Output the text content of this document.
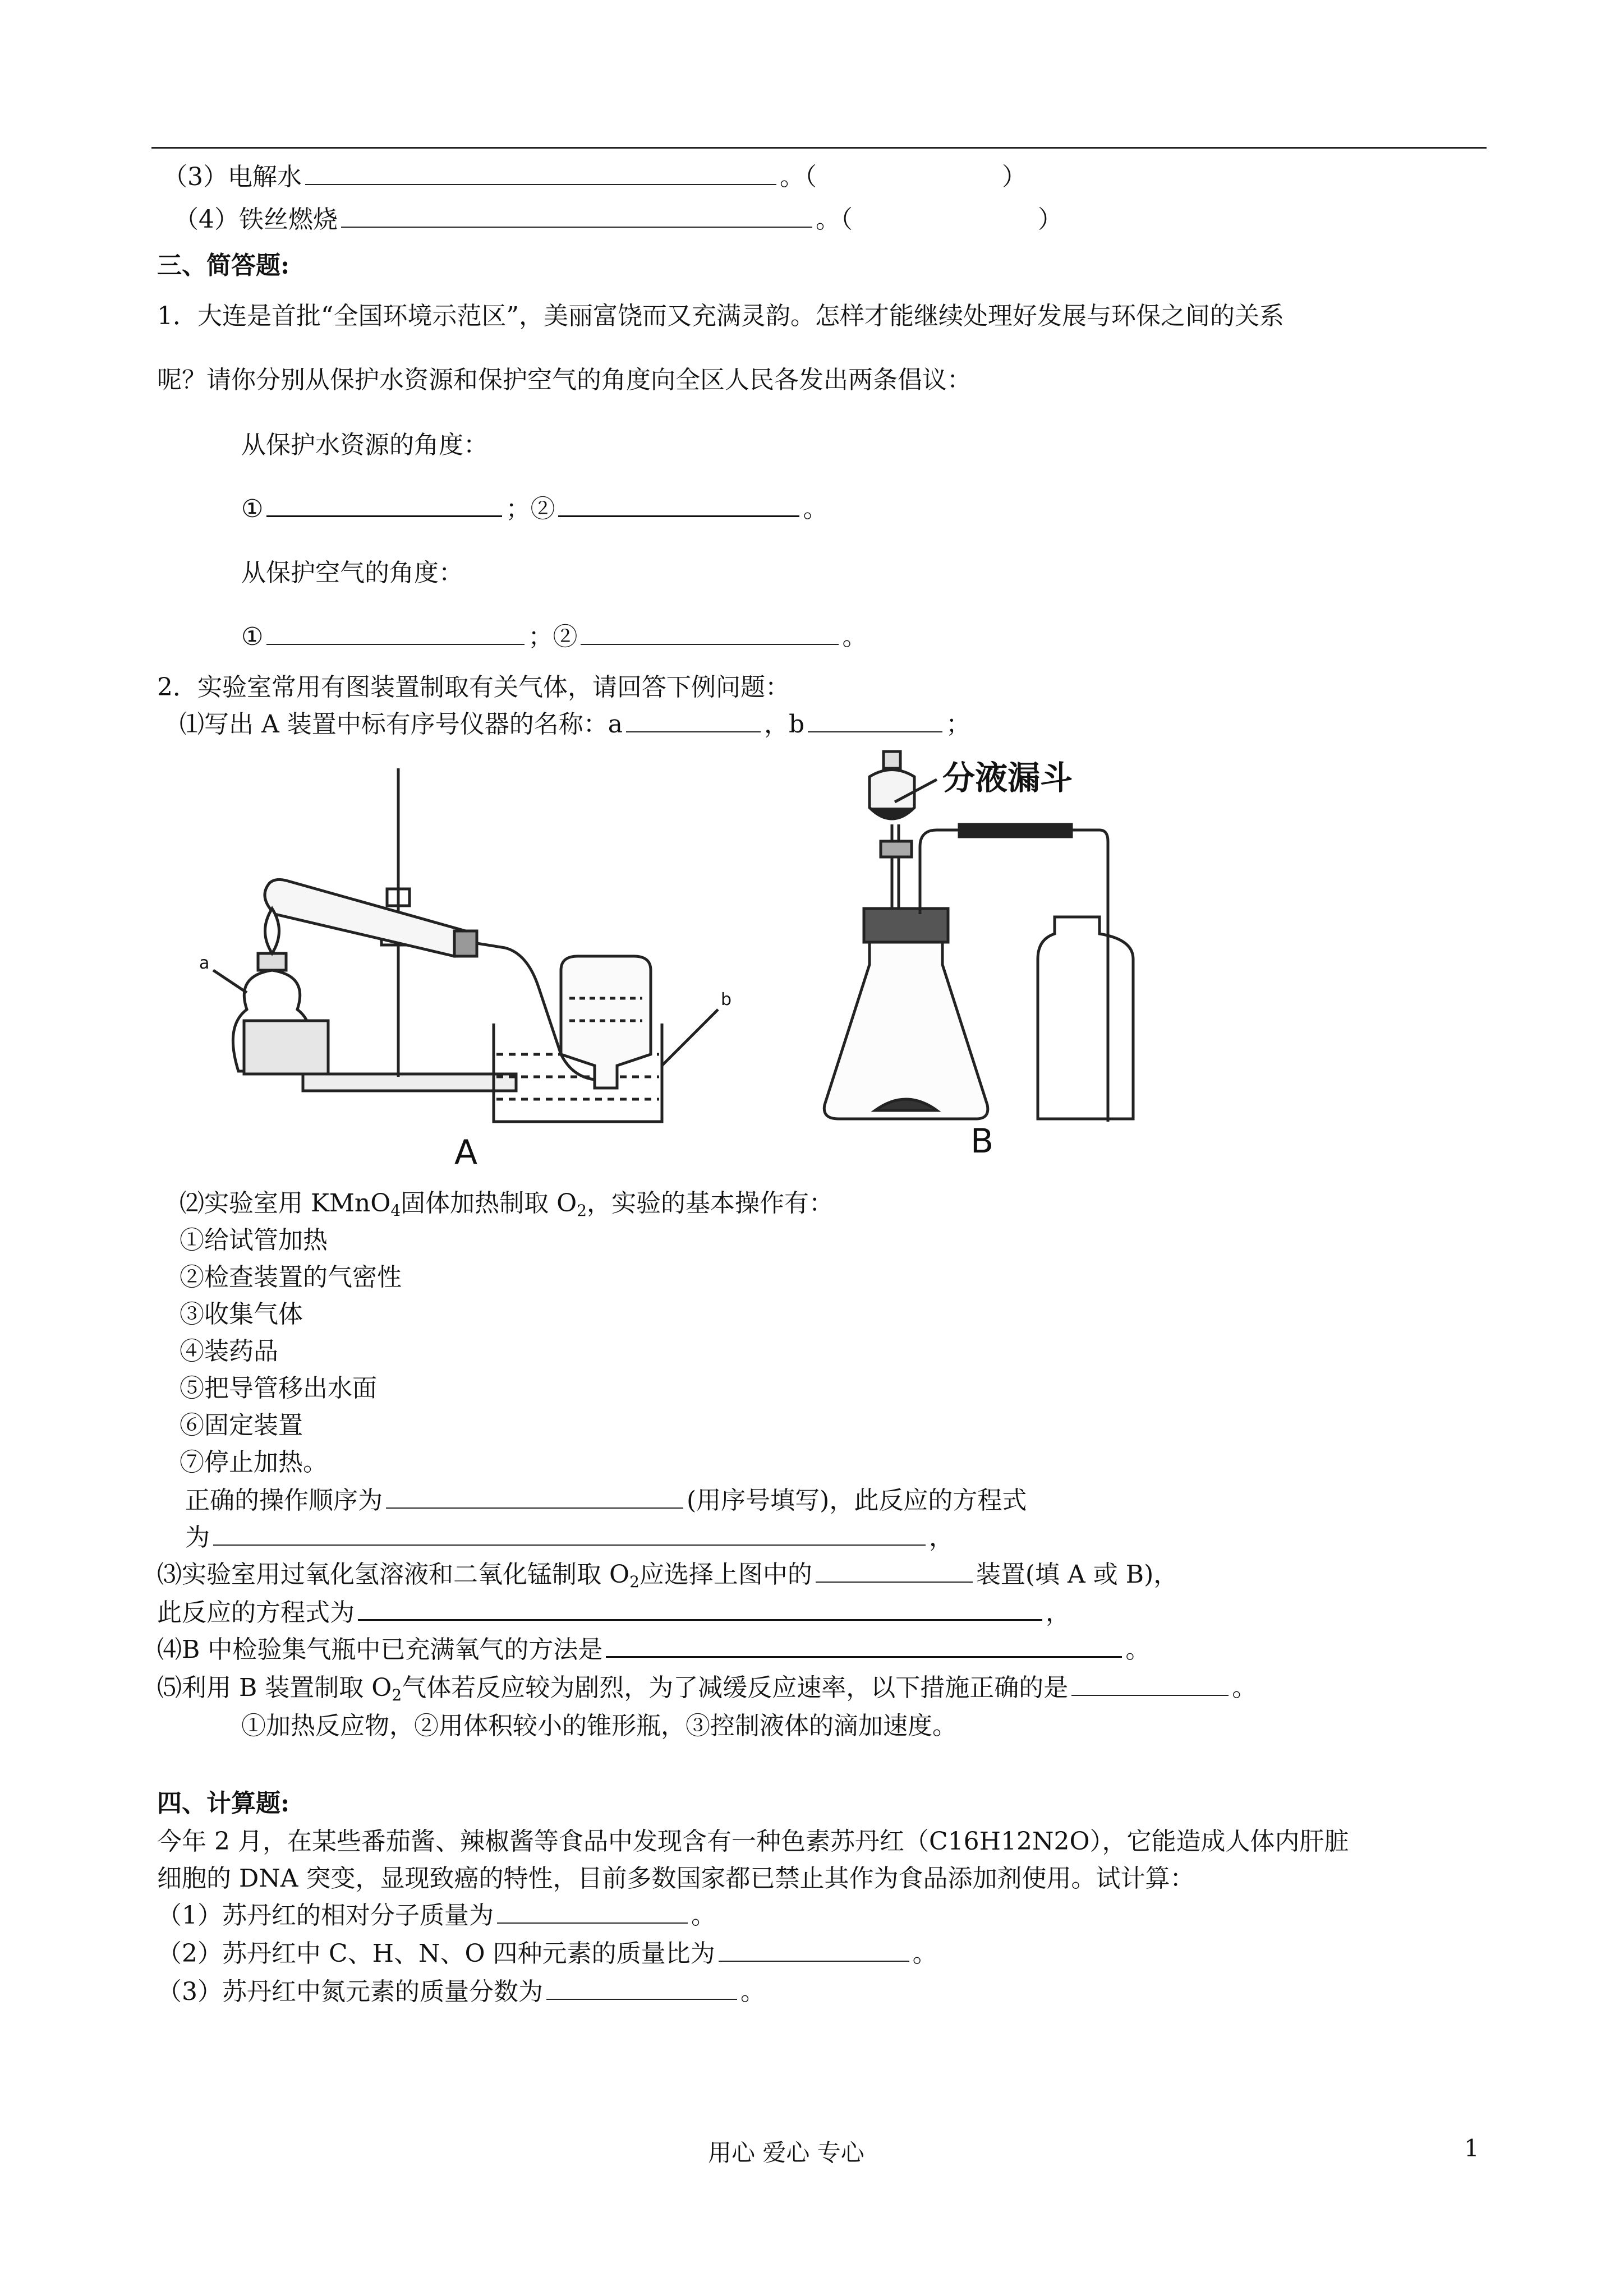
（3）电解水	。（	）
（4）铁丝燃烧	。（	）
三、简答题:
1．大连是首批“全国环境示范区”，美丽富饶而又充满灵韵。怎样才能继续处理好发展与环保之间的关系
呢？请你分别从保护水资源和保护空气的角度向全区人民各发出两条倡议：
从保护水资源的角度：
①	；②	。
从保护空气的角度：
①	；②	。
2．实验室常用有图装置制取有关气体，请回答下例问题：
⑴写出 A 装置中标有序号仪器的名称：a	，b	；
a
b
A
分液漏斗
B
⑵实验室用 KMnO$_4$固体加热制取 $O_2$，实验的基本操作有：
①给试管加热
②检查装置的气密性
③收集气体
④装药品
⑤把导管移出水面
⑥固定装置
⑦停止加热。
正确的操作顺序为	(用序号填写)，此反应的方程式
为	，
⑶实验室用过氧化氢溶液和二氧化锰制取 $O_2$应选择上图中的	装置(填 A 或 B)，
此反应的方程式为	，
⑷B 中检验集气瓶中已充满氧气的方法是	。
⑸利用 B 装置制取 $O_2$气体若反应较为剧烈，为了减缓反应速率，以下措施正确的是	。
①加热反应物，②用体积较小的锥形瓶，③控制液体的滴加速度。
四、计算题:
今年 2 月，在某些番茄酱、辣椒酱等食品中发现含有一种色素苏丹红（C16H12N2O），它能造成人体内肝脏
细胞的 DNA 突变，显现致癌的特性，目前多数国家都已禁止其作为食品添加剂使用。试计算：
（1）苏丹红的相对分子质量为	。
（2）苏丹红中 C、H、N、O 四种元素的质量比为	。
（3）苏丹红中氮元素的质量分数为	。
用心 爱心 专心	1
